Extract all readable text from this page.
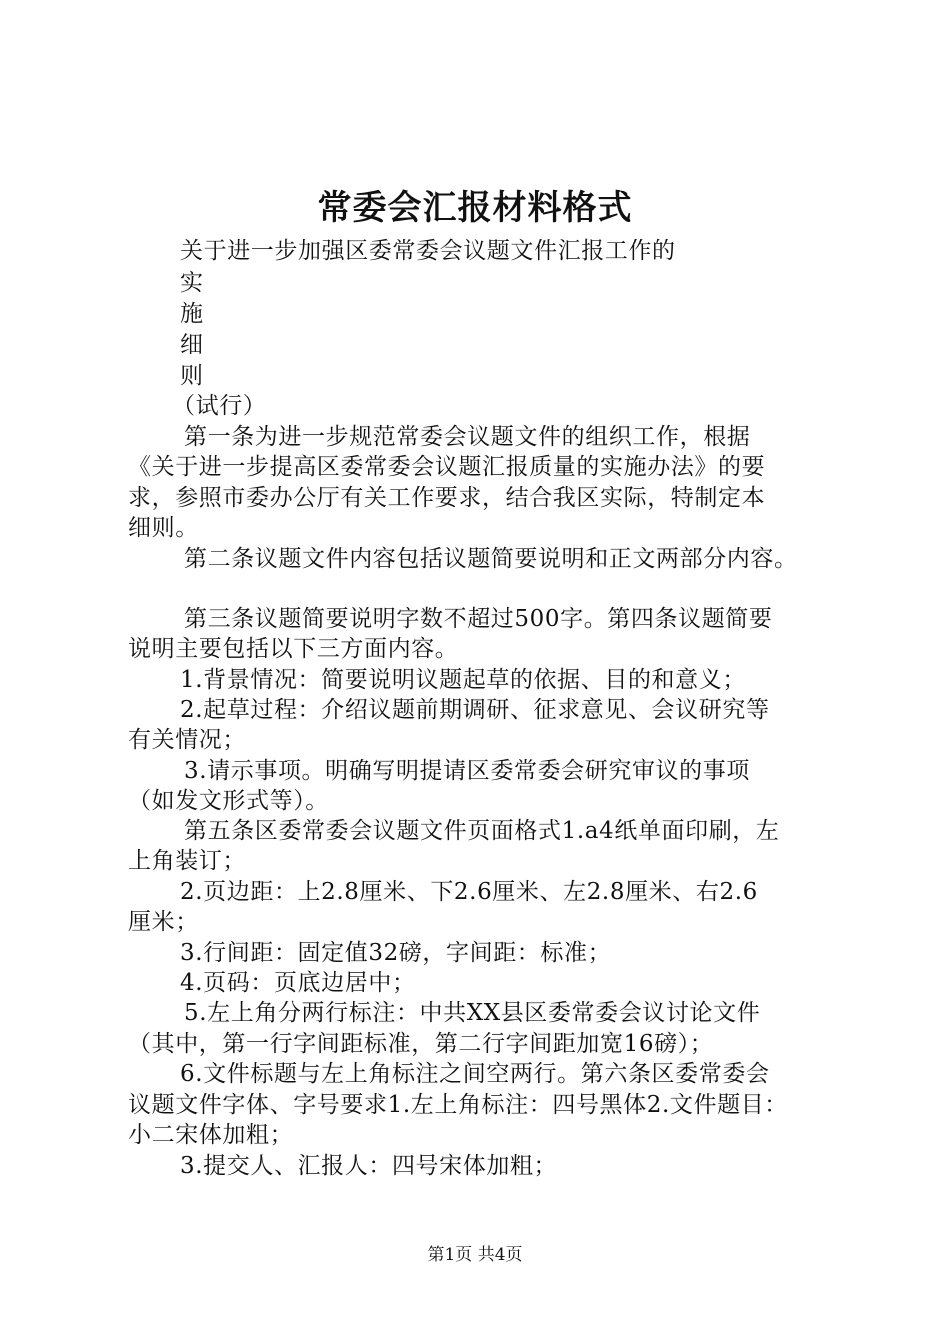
常委会汇报材料格式
关于进一步加强区委常委会议题文件汇报工作的
实
施
细
则
（试行）
第一条为进一步规范常委会议题文件的组织工作，根据
《关于进一步提高区委常委会议题汇报质量的实施办法》的要
求，参照市委办公厅有关工作要求，结合我区实际，特制定本
细则。
第二条议题文件内容包括议题简要说明和正文两部分内容。
第三条议题简要说明字数不超过500字。第四条议题简要
说明主要包括以下三方面内容。
1.背景情况：简要说明议题起草的依据、目的和意义；
2.起草过程：介绍议题前期调研、征求意见、会议研究等
有关情况；
3.请示事项。明确写明提请区委常委会研究审议的事项
（如发文形式等）。
第五条区委常委会议题文件页面格式1.a4纸单面印刷，左
上角装订；
2.页边距：上2.8厘米、下2.6厘米、左2.8厘米、右2.6
厘米；
3.行间距：固定值32磅，字间距：标准；
4.页码：页底边居中；
5.左上角分两行标注：中共XX县区委常委会议讨论文件
（其中，第一行字间距标准，第二行字间距加宽16磅）；
6.文件标题与左上角标注之间空两行。第六条区委常委会
议题文件字体、字号要求1.左上角标注：四号黑体2.文件题目：
小二宋体加粗；
3.提交人、汇报人：四号宋体加粗；
第1页 共4页
